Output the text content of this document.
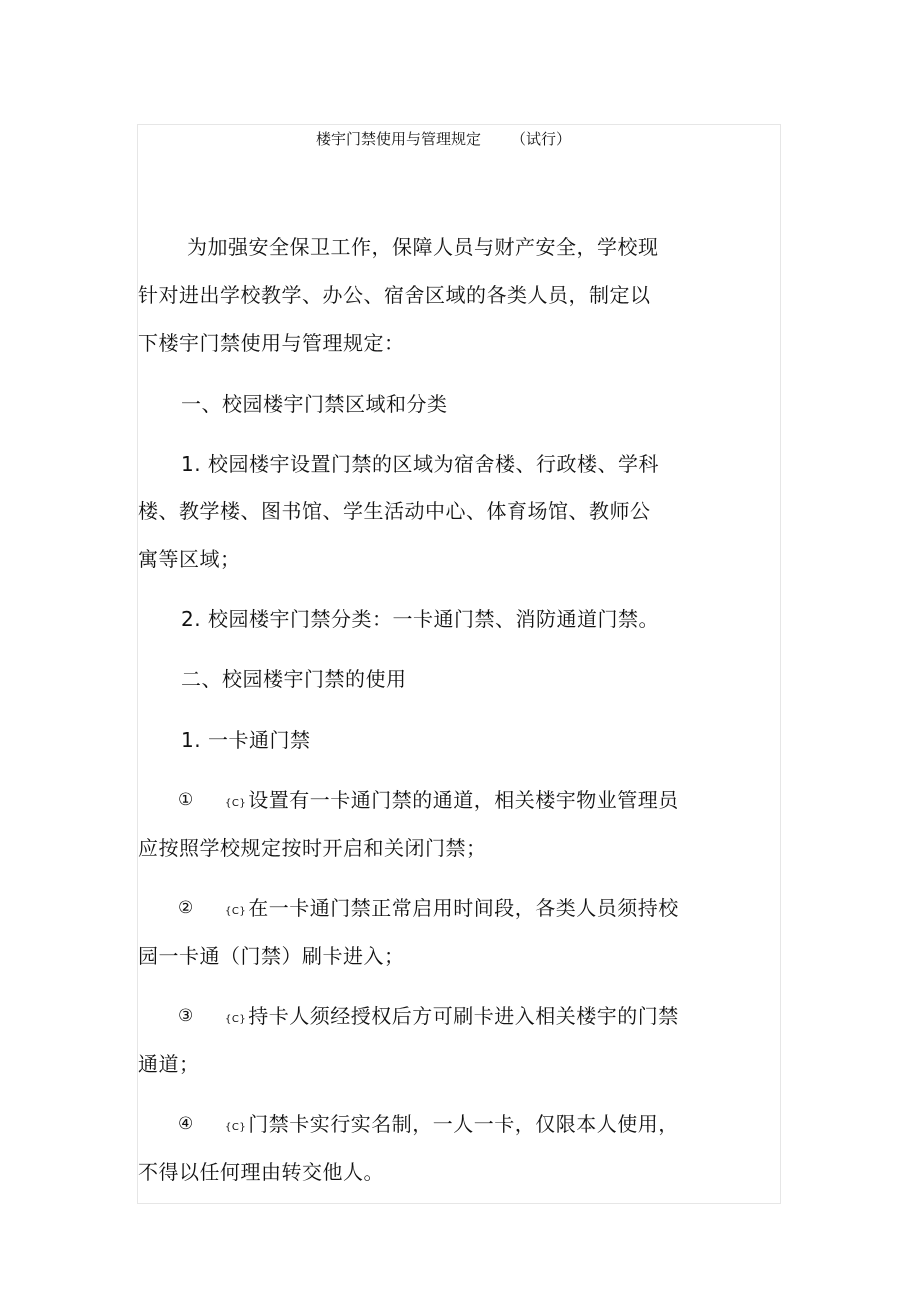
楼宇门禁使用与管理规定 （试行）
为加强安全保卫工作，保障人员与财产安全，学校现
针对进出学校教学、办公、宿舍区域的各类人员，制定以
下楼宇门禁使用与管理规定：
一、校园楼宇门禁区域和分类
1. 校园楼宇设置门禁的区域为宿舍楼、行政楼、学科
楼、教学楼、图书馆、学生活动中心、体育场馆、教师公
寓等区域；
2. 校园楼宇门禁分类：一卡通门禁、消防通道门禁。
二、校园楼宇门禁的使用
1. 一卡通门禁
①	{C} 设置有一卡通门禁的通道，相关楼宇物业管理员
应按照学校规定按时开启和关闭门禁；
②	{C} 在一卡通门禁正常启用时间段，各类人员须持校
园一卡通（门禁）刷卡进入；
③	{C} 持卡人须经授权后方可刷卡进入相关楼宇的门禁
通道；
④	{C} 门禁卡实行实名制，一人一卡，仅限本人使用，
不得以任何理由转交他人。
